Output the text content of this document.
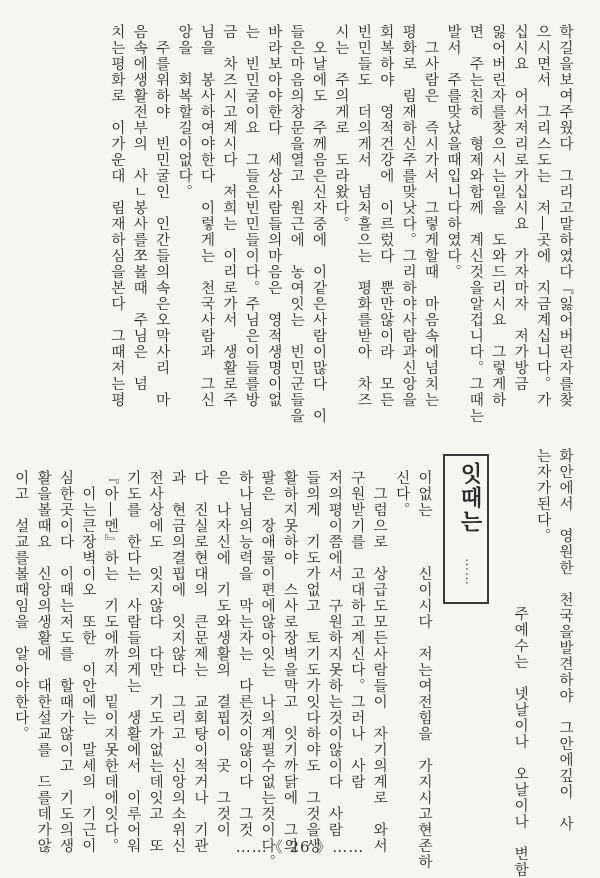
학길을보여주웠다　그리고말하였다『잃어버린자를찾
으시면서　그리스도는　저―곳에　지금계십니다。가
십시요　어서저리로가십시요　가자마자　저가방금
잃어버린자를찾으시는일을　도와드리시요　그렇게하
면　주는친히　형제와함께　계신것을알겁니다。그때는
발서　주를맞났을때입니다하였다。
　그사람은　즉시가서　그렇게할때　마음속에넘치는
평화로　림재하신주를맞낫다。그리하야사람과신앙을
회복하야　영적건강에　이르렀다　뿐만않이라　모든
빈민들도　더의게서　넘처흘으는　평화를받아　차즈
시는　주의게로　도라왔다。
　오날에도　주께음은신자중에　이같은사람이많다　이
들은마음의창문을열고　원근에　농여잇는　빈민군들을
바라보아야한다　세상사람들의마음은　영적생명이없
는　빈민굴이요　그들은빈민들이다。주님은이들를방
금　차즈시고계시다　저희는　이리로가서　생활로주
님을　봉사하여야한다　이렇게는　천국사람과　그신
앙을　회복할길이없다。
　주를위하야　빈민굴인　인간들의속은오막사리　마
음속에생활전부의　사ㄴ봉사를쪼볼때　주님은　넘
치는평화로　이가운대　림재하심을본다　그때저는평
잇때는
……	화안에서　영원한　천국을발견하야　그안에깊이　사
는자가된다。
주예수는　넷날이나　오날이나　변함
이없는　　　신이시다　저는여전힘을　가지시고현존하
신다。
　그럼으로　상급도모든사람들이　자기의계로　와서
구원받기를　고대하고계신다。그러나　사람
저의평이쯤에서　구원하지못하는것이않이다　사람
들의게　기도가없고　토기도가잇다하야도　그것을생
활하지못하야　스사로장벽을막고　잇기까닭에　그의
팔은　장애물이편에않아잇는　나의계필수없는것이다。
하나님의능력을　막는자는　다른것이않이다　그것
은　나자신에　기도와생활의　결핍이　곳　그것이
다　진실로현대의　큰문제는　교회탕이적거나　기관
과　현금의결핍에　잇지않다　그리고　신앙의소위신
전사상에도　잇지않다　다만　기도가없는데잇고　또
기도를　한다는　사람들의게는　생활에서　이루어워
『아―멘』하는　기도에까지　밑이지못한데에잇다。
　이는큰장벽이오　또한　이안에는　말세의　기근이
심한곳이다　이때는저도를　할때가않이고　기도의생
활을볼때요　신앙의생활에　대한설교를　드를데가않
이고　설교를볼때임을　알아야한다。
……《 26 》……
